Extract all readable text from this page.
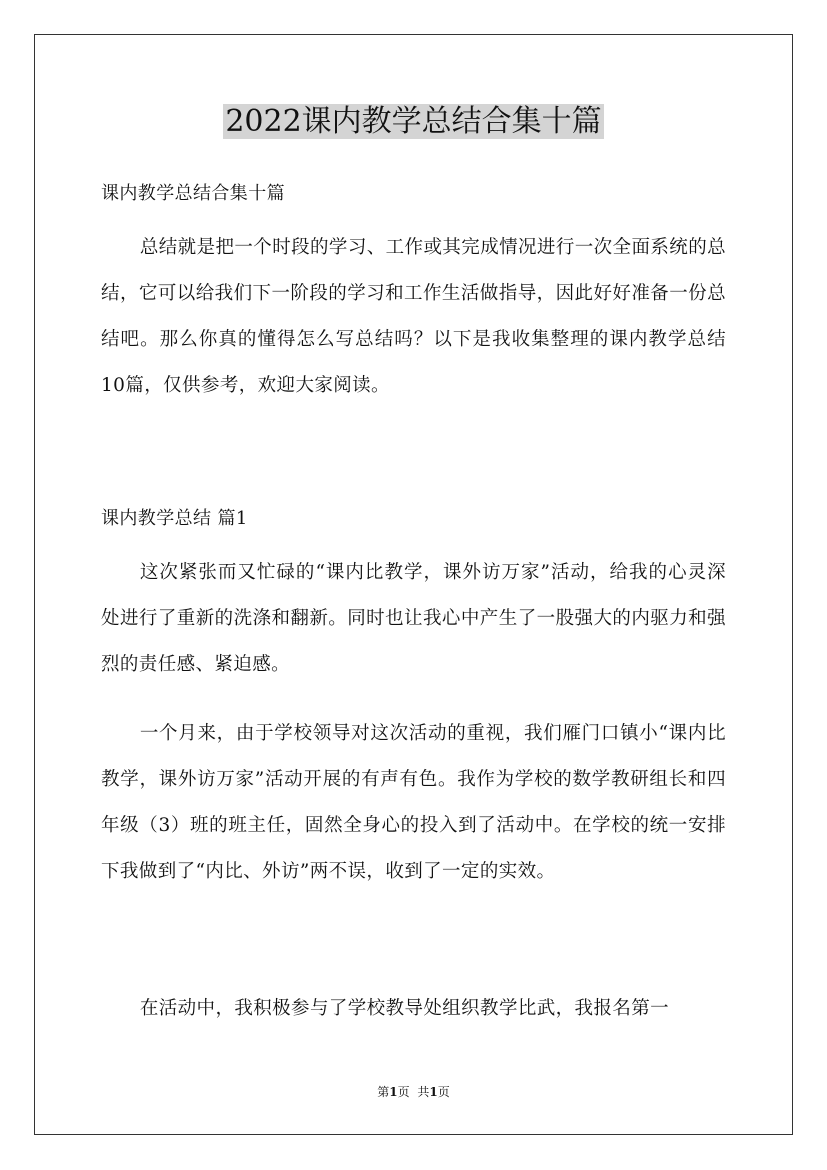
2022课内教学总结合集十篇

课内教学总结合集十篇

总结就是把一个时段的学习、工作或其完成情况进行一次全面系统的总结，它可以给我们下一阶段的学习和工作生活做指导，因此好好准备一份总结吧。那么你真的懂得怎么写总结吗？以下是我收集整理的课内教学总结10篇，仅供参考，欢迎大家阅读。

课内教学总结 篇1

这次紧张而又忙碌的“课内比教学，课外访万家”活动，给我的心灵深处进行了重新的洗涤和翻新。同时也让我心中产生了一股强大的内驱力和强烈的责任感、紧迫感。

一个月来，由于学校领导对这次活动的重视，我们雁门口镇小“课内比教学，课外访万家”活动开展的有声有色。我作为学校的数学教研组长和四年级（3）班的班主任，固然全身心的投入到了活动中。在学校的统一安排下我做到了“内比、外访”两不误，收到了一定的实效。

在活动中，我积极参与了学校教导处组织教学比武，我报名第一

第1页 共1页
